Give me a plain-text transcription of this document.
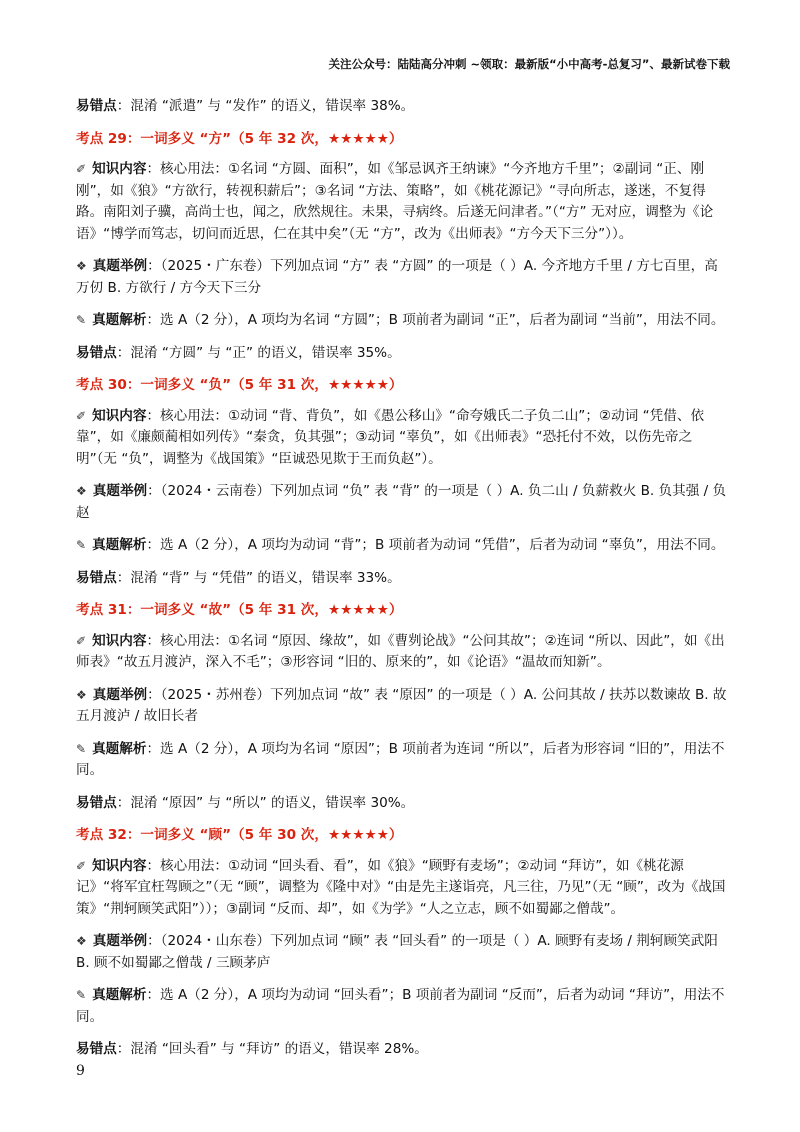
关注公众号：陆陆高分冲刺 ~领取：最新版“小中高考-总复习”、最新试卷下载

易错点：混淆 “派遣” 与 “发作” 的语义，错误率 38%。

考点 29：一词多义 “方”（5 年 32 次，★★★★★）

✐ 知识内容：核心用法：①名词 “方圆、面积”，如《邹忌讽齐王纳谏》“今齐地方千里”；②副词 “正、刚刚”，如《狼》“方欲行，转视积薪后”；③名词 “方法、策略”，如《桃花源记》“寻向所志，遂迷，不复得路。南阳刘子骥，高尚士也，闻之，欣然规往。未果，寻病终。后遂无问津者。”（“方” 无对应，调整为《论语》“博学而笃志，切问而近思，仁在其中矣”（无 “方”，改为《出师表》“方今天下三分”））。

❖ 真题举例：（2025・广东卷）下列加点词 “方” 表 “方圆” 的一项是（ ）A. 今齐地方千里 / 方七百里，高万仞 B. 方欲行 / 方今天下三分

✎ 真题解析：选 A（2 分），A 项均为名词 “方圆”；B 项前者为副词 “正”，后者为副词 “当前”，用法不同。

易错点：混淆 “方圆” 与 “正” 的语义，错误率 35%。

考点 30：一词多义 “负”（5 年 31 次，★★★★★）

✐ 知识内容：核心用法：①动词 “背、背负”，如《愚公移山》“命夸娥氏二子负二山”；②动词 “凭借、依靠”，如《廉颇蔺相如列传》“秦贪，负其强”；③动词 “辜负”，如《出师表》“恐托付不效，以伤先帝之明”（无 “负”，调整为《战国策》“臣诚恐见欺于王而负赵”）。

❖ 真题举例：（2024・云南卷）下列加点词 “负” 表 “背” 的一项是（ ）A. 负二山 / 负薪救火 B. 负其强 / 负赵

✎ 真题解析：选 A（2 分），A 项均为动词 “背”；B 项前者为动词 “凭借”，后者为动词 “辜负”，用法不同。

易错点：混淆 “背” 与 “凭借” 的语义，错误率 33%。

考点 31：一词多义 “故”（5 年 31 次，★★★★★）

✐ 知识内容：核心用法：①名词 “原因、缘故”，如《曹刿论战》“公问其故”；②连词 “所以、因此”，如《出师表》“故五月渡泸，深入不毛”；③形容词 “旧的、原来的”，如《论语》“温故而知新”。

❖ 真题举例：（2025・苏州卷）下列加点词 “故” 表 “原因” 的一项是（ ）A. 公问其故 / 扶苏以数谏故 B. 故五月渡泸 / 故旧长者

✎ 真题解析：选 A（2 分），A 项均为名词 “原因”；B 项前者为连词 “所以”，后者为形容词 “旧的”，用法不同。

易错点：混淆 “原因” 与 “所以” 的语义，错误率 30%。

考点 32：一词多义 “顾”（5 年 30 次，★★★★★）

✐ 知识内容：核心用法：①动词 “回头看、看”，如《狼》“顾野有麦场”；②动词 “拜访”，如《桃花源记》“将军宜枉驾顾之”（无 “顾”，调整为《隆中对》“由是先主遂诣亮，凡三往，乃见”（无 “顾”，改为《战国策》“荆轲顾笑武阳”））；③副词 “反而、却”，如《为学》“人之立志，顾不如蜀鄙之僧哉”。

❖ 真题举例：（2024・山东卷）下列加点词 “顾” 表 “回头看” 的一项是（ ）A. 顾野有麦场 / 荆轲顾笑武阳 B. 顾不如蜀鄙之僧哉 / 三顾茅庐

✎ 真题解析：选 A（2 分），A 项均为动词 “回头看”；B 项前者为副词 “反而”，后者为动词 “拜访”，用法不同。

易错点：混淆 “回头看” 与 “拜访” 的语义，错误率 28%。

9
